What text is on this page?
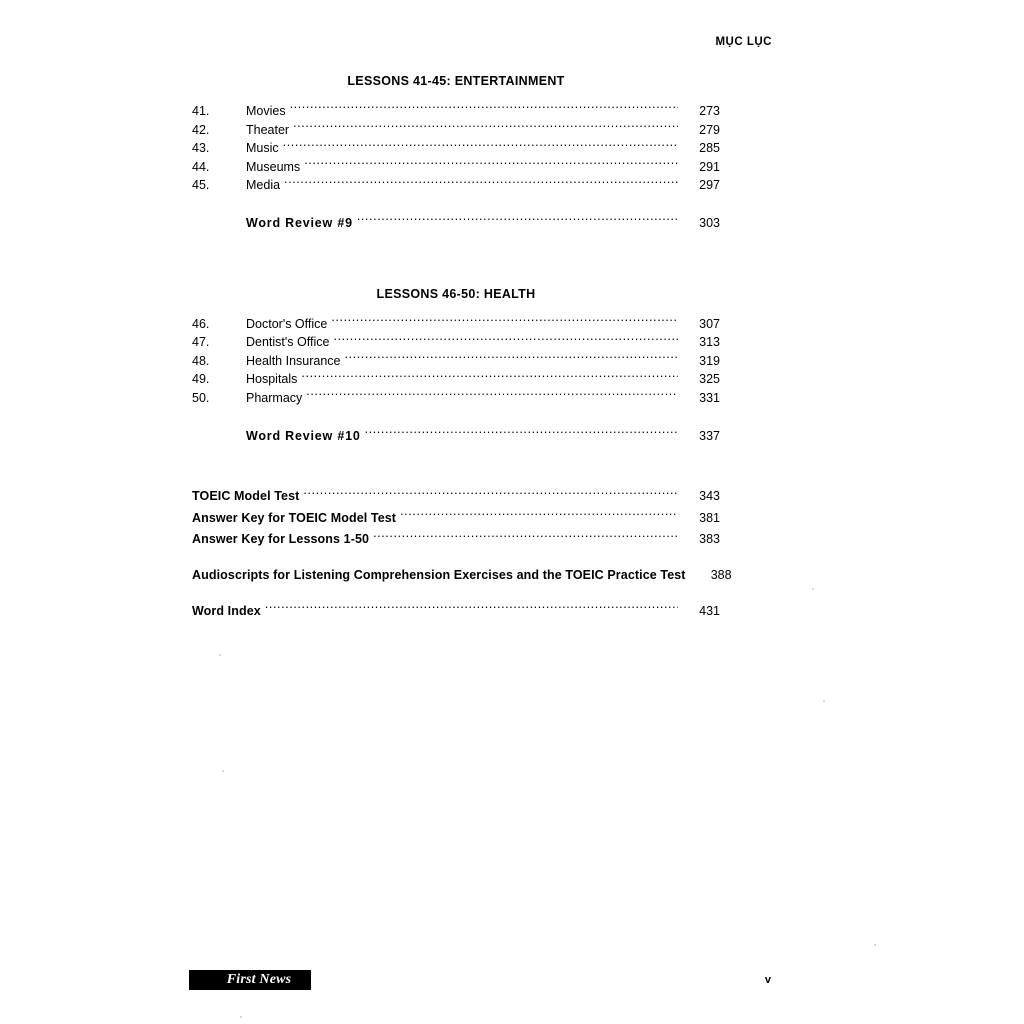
MỤC LỤC
LESSONS 41-45: ENTERTAINMENT
41.	Movies .....	273
42.	Theater .....	279
43.	Music .....	285
44.	Museums .....	291
45.	Media .....	297
Word Review #9 .....	303
LESSONS 46-50: HEALTH
46.	Doctor's Office .....	307
47.	Dentist's Office .....	313
48.	Health Insurance .....	319
49.	Hospitals .....	325
50.	Pharmacy .....	331
Word Review #10 .....	337
TOEIC Model Test .....	343
Answer Key for TOEIC Model Test .....	381
Answer Key for Lessons 1-50 .....	383
Audioscripts for Listening Comprehension Exercises and the TOEIC Practice Test	388
Word Index .....	431
First News	v
